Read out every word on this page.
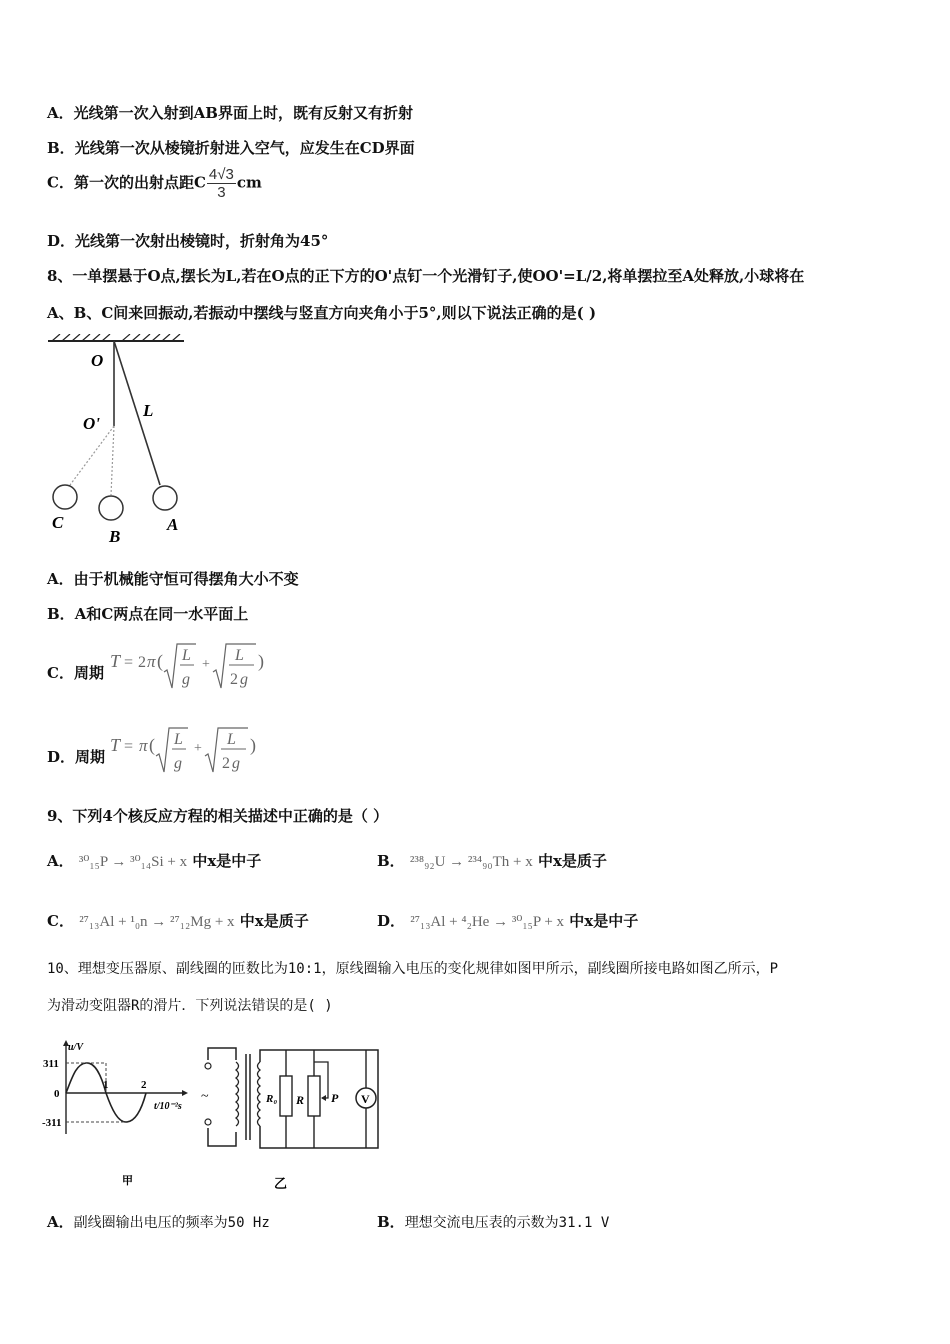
A．光线第一次入射到AB界面上时，既有反射又有折射
B．光线第一次从棱镜折射进入空气，应发生在CD界面
C．第一次的出射点距C $\frac{4√3}{3}$ cm
D．光线第一次射出棱镜时，折射角为45°
8、一单摆悬于O点,摆长为L,若在O点的正下方的O'点钉一个光滑钉子,使OO'=L/2,将单摆拉至A处释放,小球将在
A、B、C间来回振动,若振动中摆线与竖直方向夹角小于5°,则以下说法正确的是( )
O
O'
L
A
B
C
A．由于机械能守恒可得摆角大小不变
B．A和C两点在同一水平面上
C．周期
T = 2 π ( L
g
+
L
2 g
)
D．周期
T = π ( L
g
+
L
2 g
)
9、下列4个核反应方程的相关描述中正确的是（ ）
A． ³⁰₁₅P → ³⁰₁₄Si + x 中x是中子	B． ²³⁸₉₂U → ²³⁴₉₀Th + x 中x是质子
C． ²⁷₁₃Al + ¹₀n → ²⁷₁₂Mg + x 中x是质子	D． ²⁷₁₃Al + ⁴₂He → ³⁰₁₅P + x 中x是中子
10、理想变压器原、副线圈的匝数比为10:1，原线圈输入电压的变化规律如图甲所示，副线圈所接电路如图乙所示，P
为滑动变阻器R的滑片．下列说法错误的是( )
u/V
311
0
-311
1	2
t/10⁻²s
甲
~	R₀ R P V
乙
A．副线圈输出电压的频率为50 Hz	B．理想交流电压表的示数为31.1 V
